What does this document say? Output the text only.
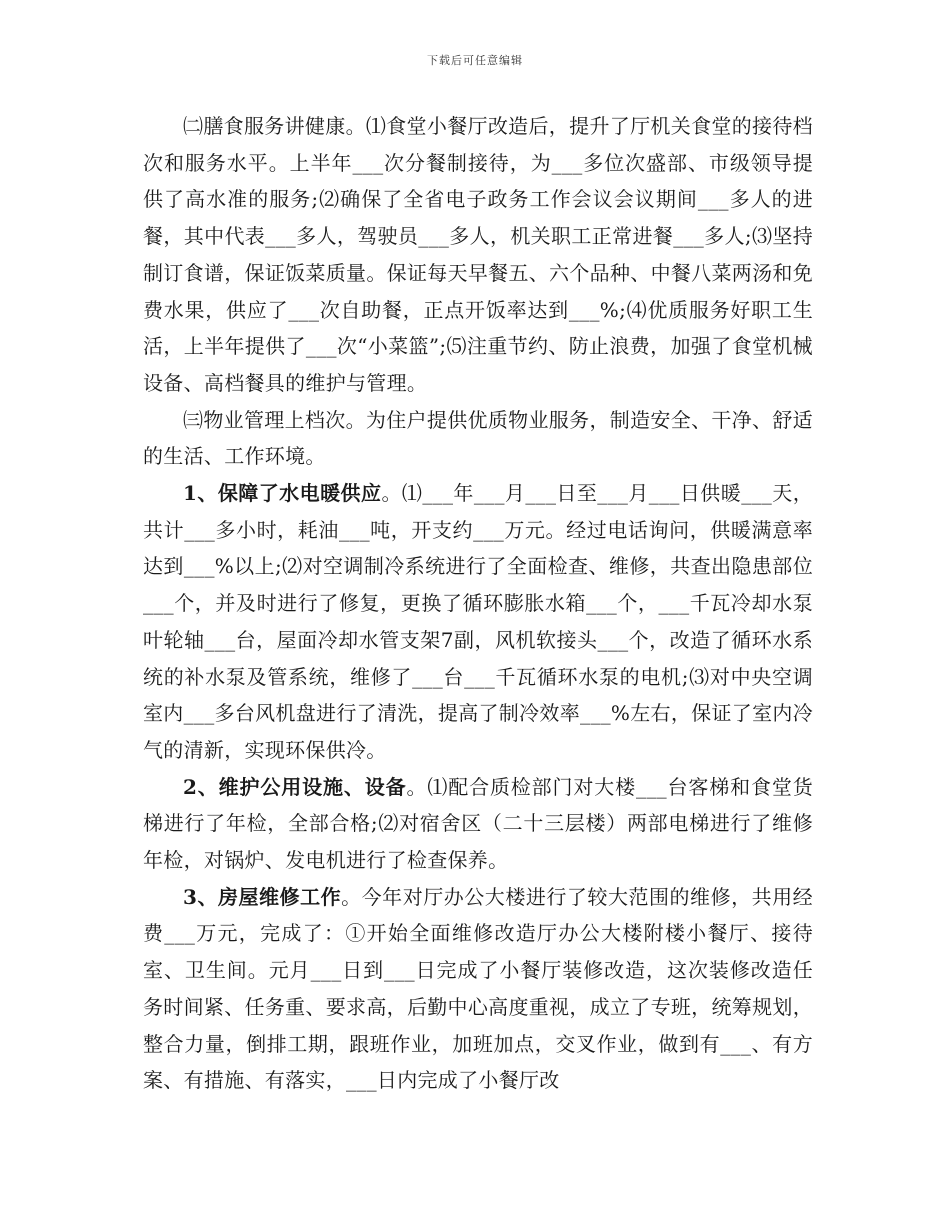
下载后可任意编辑

㈡膳食服务讲健康。⑴食堂小餐厅改造后，提升了厅机关食堂的接待档次和服务水平。上半年___次分餐制接待，为___多位次盛部、市级领导提供了高水准的服务;⑵确保了全省电子政务工作会议会议期间___多人的进餐，其中代表___多人，驾驶员___多人，机关职工正常进餐___多人;⑶坚持制订食谱，保证饭菜质量。保证每天早餐五、六个品种、中餐八菜两汤和免费水果，供应了___次自助餐，正点开饭率达到___%;⑷优质服务好职工生活，上半年提供了___次“小菜篮”;⑸注重节约、防止浪费，加强了食堂机械设备、高档餐具的维护与管理。

㈢物业管理上档次。为住户提供优质物业服务，制造安全、干净、舒适的生活、工作环境。

1、保障了水电暖供应。⑴___年___月___日至___月___日供暖___天，共计___多小时，耗油___吨，开支约___万元。经过电话询问，供暖满意率达到___%以上;⑵对空调制冷系统进行了全面检查、维修，共查出隐患部位___个，并及时进行了修复，更换了循环膨胀水箱___个，___千瓦冷却水泵叶轮轴___台，屋面冷却水管支架7副，风机软接头___个，改造了循环水系统的补水泵及管系统，维修了___台___千瓦循环水泵的电机;⑶对中央空调室内___多台风机盘进行了清洗，提高了制冷效率___%左右，保证了室内冷气的清新，实现环保供冷。

2、维护公用设施、设备。⑴配合质检部门对大楼___台客梯和食堂货梯进行了年检，全部合格;⑵对宿舍区（二十三层楼）两部电梯进行了维修年检，对锅炉、发电机进行了检查保养。

3、房屋维修工作。今年对厅办公大楼进行了较大范围的维修，共用经费___万元，完成了：①开始全面维修改造厅办公大楼附楼小餐厅、接待室、卫生间。元月___日到___日完成了小餐厅装修改造，这次装修改造任务时间紧、任务重、要求高，后勤中心高度重视，成立了专班，统筹规划，整合力量，倒排工期，跟班作业，加班加点，交叉作业，做到有___、有方案、有措施、有落实，___日内完成了小餐厅改
